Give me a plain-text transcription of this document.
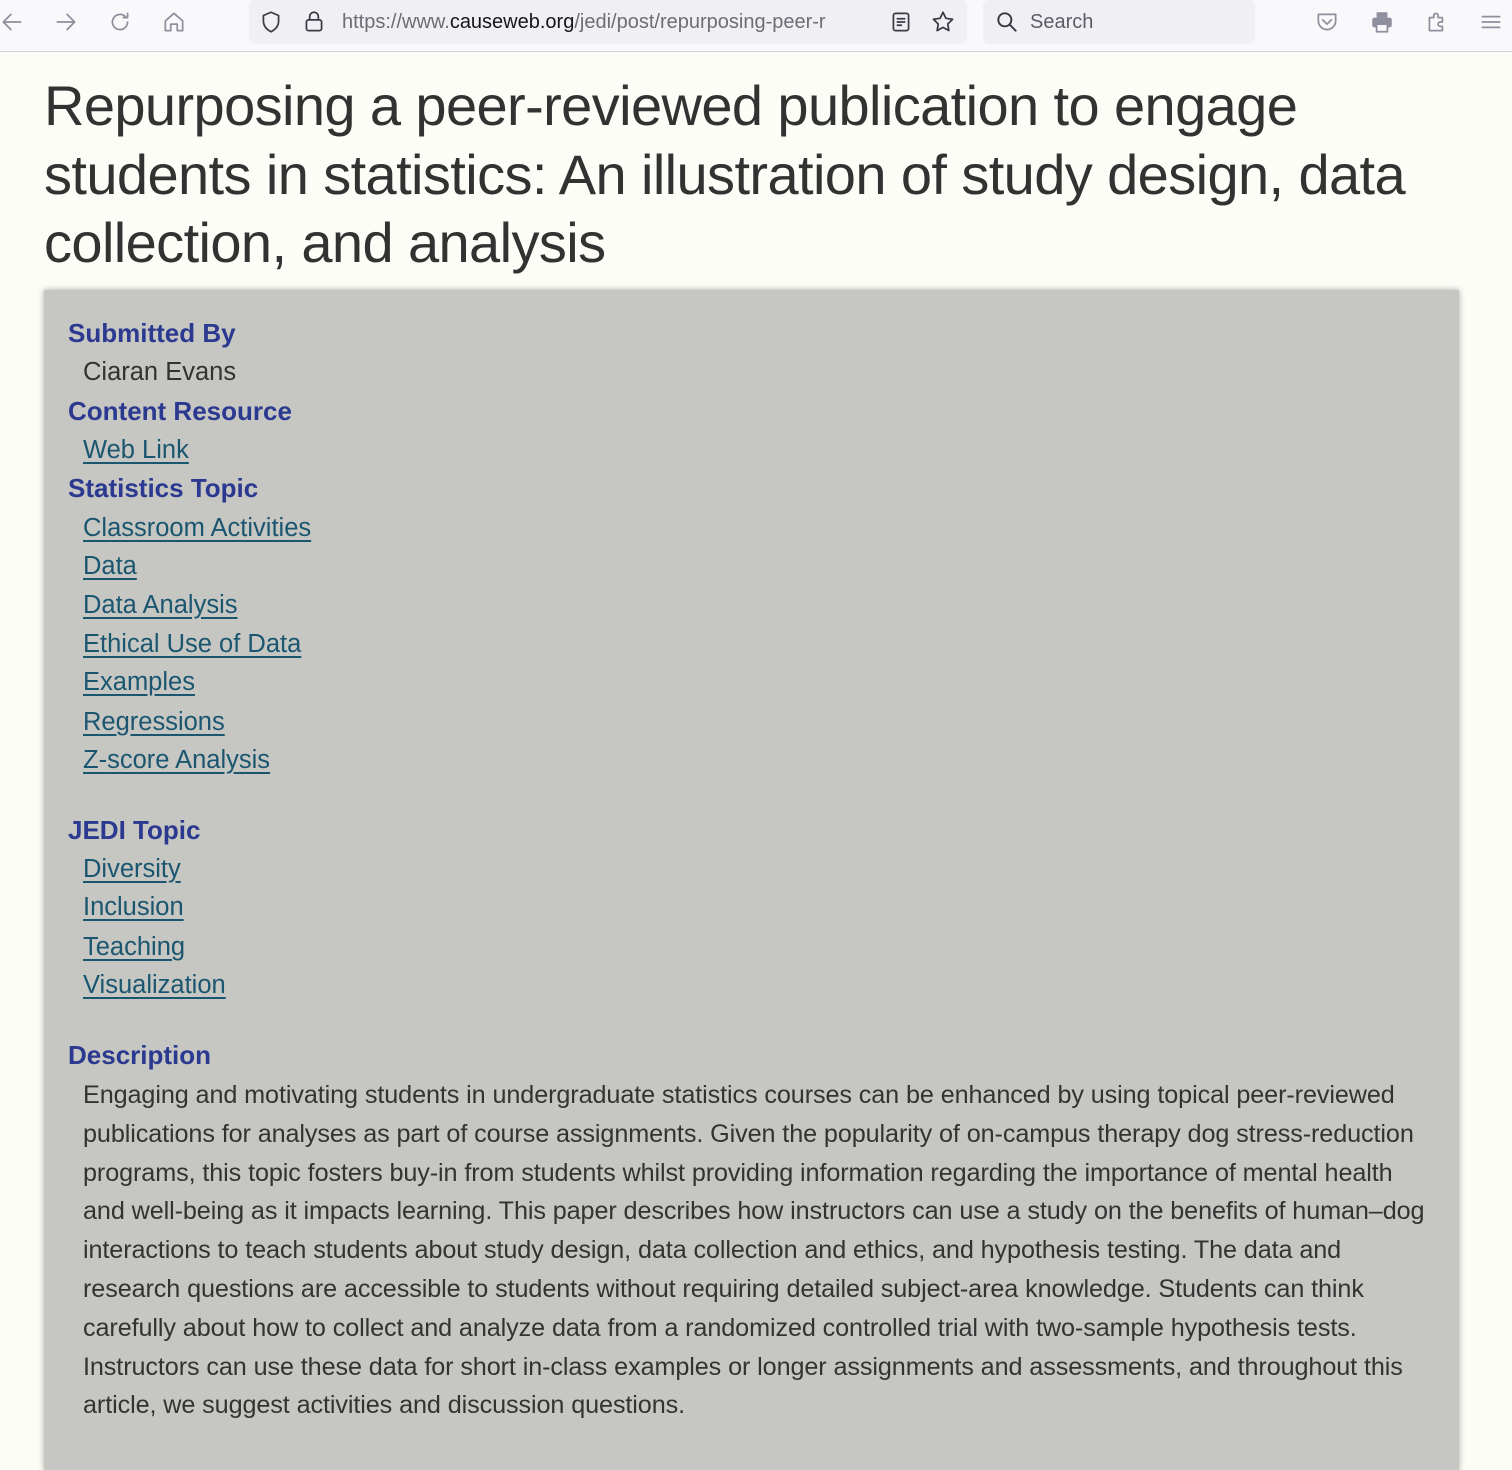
https://www.causeweb.org/jedi/post/repurposing-peer-r	Search
Repurposing a peer-reviewed publication to engage students in statistics: An illustration of study design, data collection, and analysis
Submitted By
Ciaran Evans
Content Resource
Web Link
Statistics Topic
Classroom Activities
Data
Data Analysis
Ethical Use of Data
Examples
Regressions
Z-score Analysis
JEDI Topic
Diversity
Inclusion
Teaching
Visualization
Description

Engaging and motivating students in undergraduate statistics courses can be enhanced by using topical peer-reviewed publications for analyses as part of course assignments. Given the popularity of on-campus therapy dog stress-reduction programs, this topic fosters buy-in from students whilst providing information regarding the importance of mental health and well-being as it impacts learning. This paper describes how instructors can use a study on the benefits of human–dog interactions to teach students about study design, data collection and ethics, and hypothesis testing. The data and research questions are accessible to students without requiring detailed subject-area knowledge. Students can think carefully about how to collect and analyze data from a randomized controlled trial with two-sample hypothesis tests. Instructors can use these data for short in-class examples or longer assignments and assessments, and throughout this article, we suggest activities and discussion questions.
